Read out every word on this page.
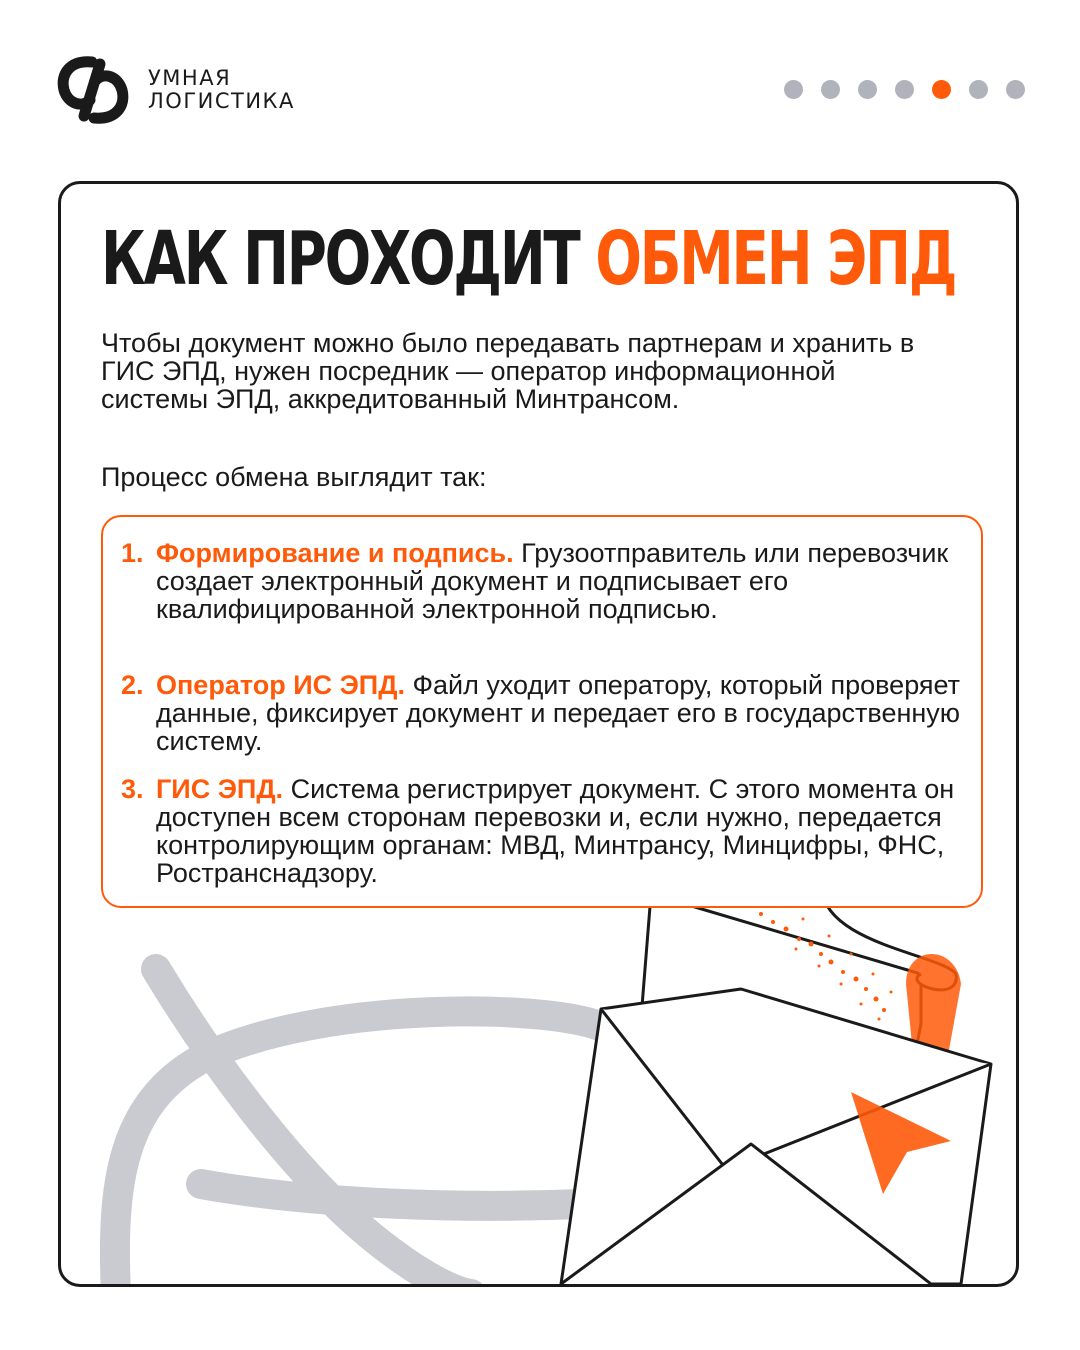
УМНАЯ
ЛОГИСТИКА
КАК ПРОХОДИТ ОБМЕН ЭПД

Чтобы документ можно было передавать партнерам и хранить в ГИС ЭПД, нужен посредник — оператор информационной системы ЭПД, аккредитованный Минтрансом.

Процесс обмена выглядит так:

1. Формирование и подпись. Грузоотправитель или перевозчик создает электронный документ и подписывает его квалифицированной электронной подписью.
2. Оператор ИС ЭПД. Файл уходит оператору, который проверяет данные, фиксирует документ и передает его в государственную систему.
3. ГИС ЭПД. Система регистрирует документ. С этого момента он доступен всем сторонам перевозки и, если нужно, передается контролирующим органам: МВД, Минтрансу, Минцифры, ФНС, Ространснадзору.
